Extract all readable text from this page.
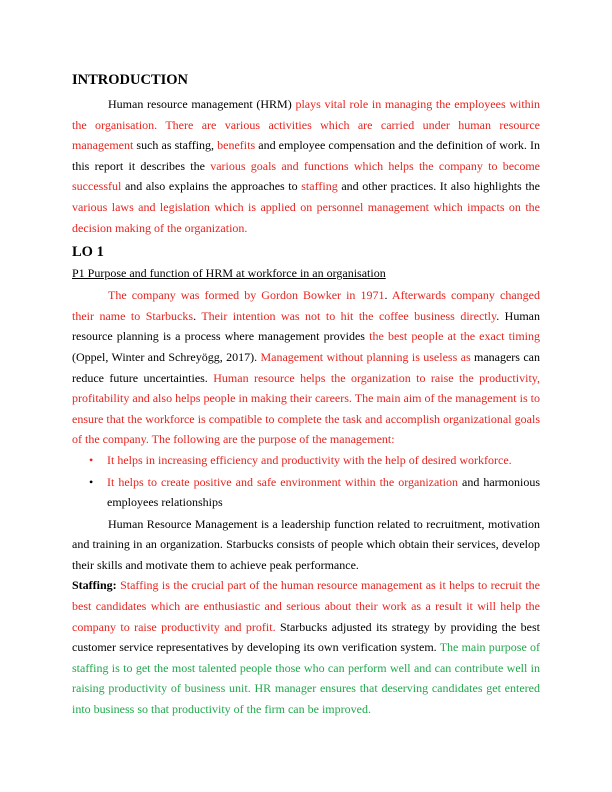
INTRODUCTION

Human resource management (HRM) plays vital role in managing the employees within the organisation. There are various activities which are carried under human resource management such as staffing, benefits and employee compensation and the definition of work. In this report it describes the various goals and functions which helps the company to become successful and also explains the approaches to staffing and other practices. It also highlights the various laws and legislation which is applied on personnel management which impacts on the decision making of the organization.

LO 1
P1 Purpose and function of HRM at workforce in an organisation

The company was formed by Gordon Bowker in 1971. Afterwards company changed their name to Starbucks. Their intention was not to hit the coffee business directly. Human resource planning is a process where management provides the best people at the exact timing (Oppel, Winter and Schreyögg, 2017). Management without planning is useless as managers can reduce future uncertainties. Human resource helps the organization to raise the productivity, profitability and also helps people in making their careers. The main aim of the management is to ensure that the workforce is compatible to complete the task and accomplish organizational goals of the company. The following are the purpose of the management:

• It helps in increasing efficiency and productivity with the help of desired workforce.
• It helps to create positive and safe environment within the organization and harmonious employees relationships

Human Resource Management is a leadership function related to recruitment, motivation and training in an organization. Starbucks consists of people which obtain their services, develop their skills and motivate them to achieve peak performance.

Staffing: Staffing is the crucial part of the human resource management as it helps to recruit the best candidates which are enthusiastic and serious about their work as a result it will help the company to raise productivity and profit. Starbucks adjusted its strategy by providing the best customer service representatives by developing its own verification system. The main purpose of staffing is to get the most talented people those who can perform well and can contribute well in raising productivity of business unit. HR manager ensures that deserving candidates get entered into business so that productivity of the firm can be improved.
